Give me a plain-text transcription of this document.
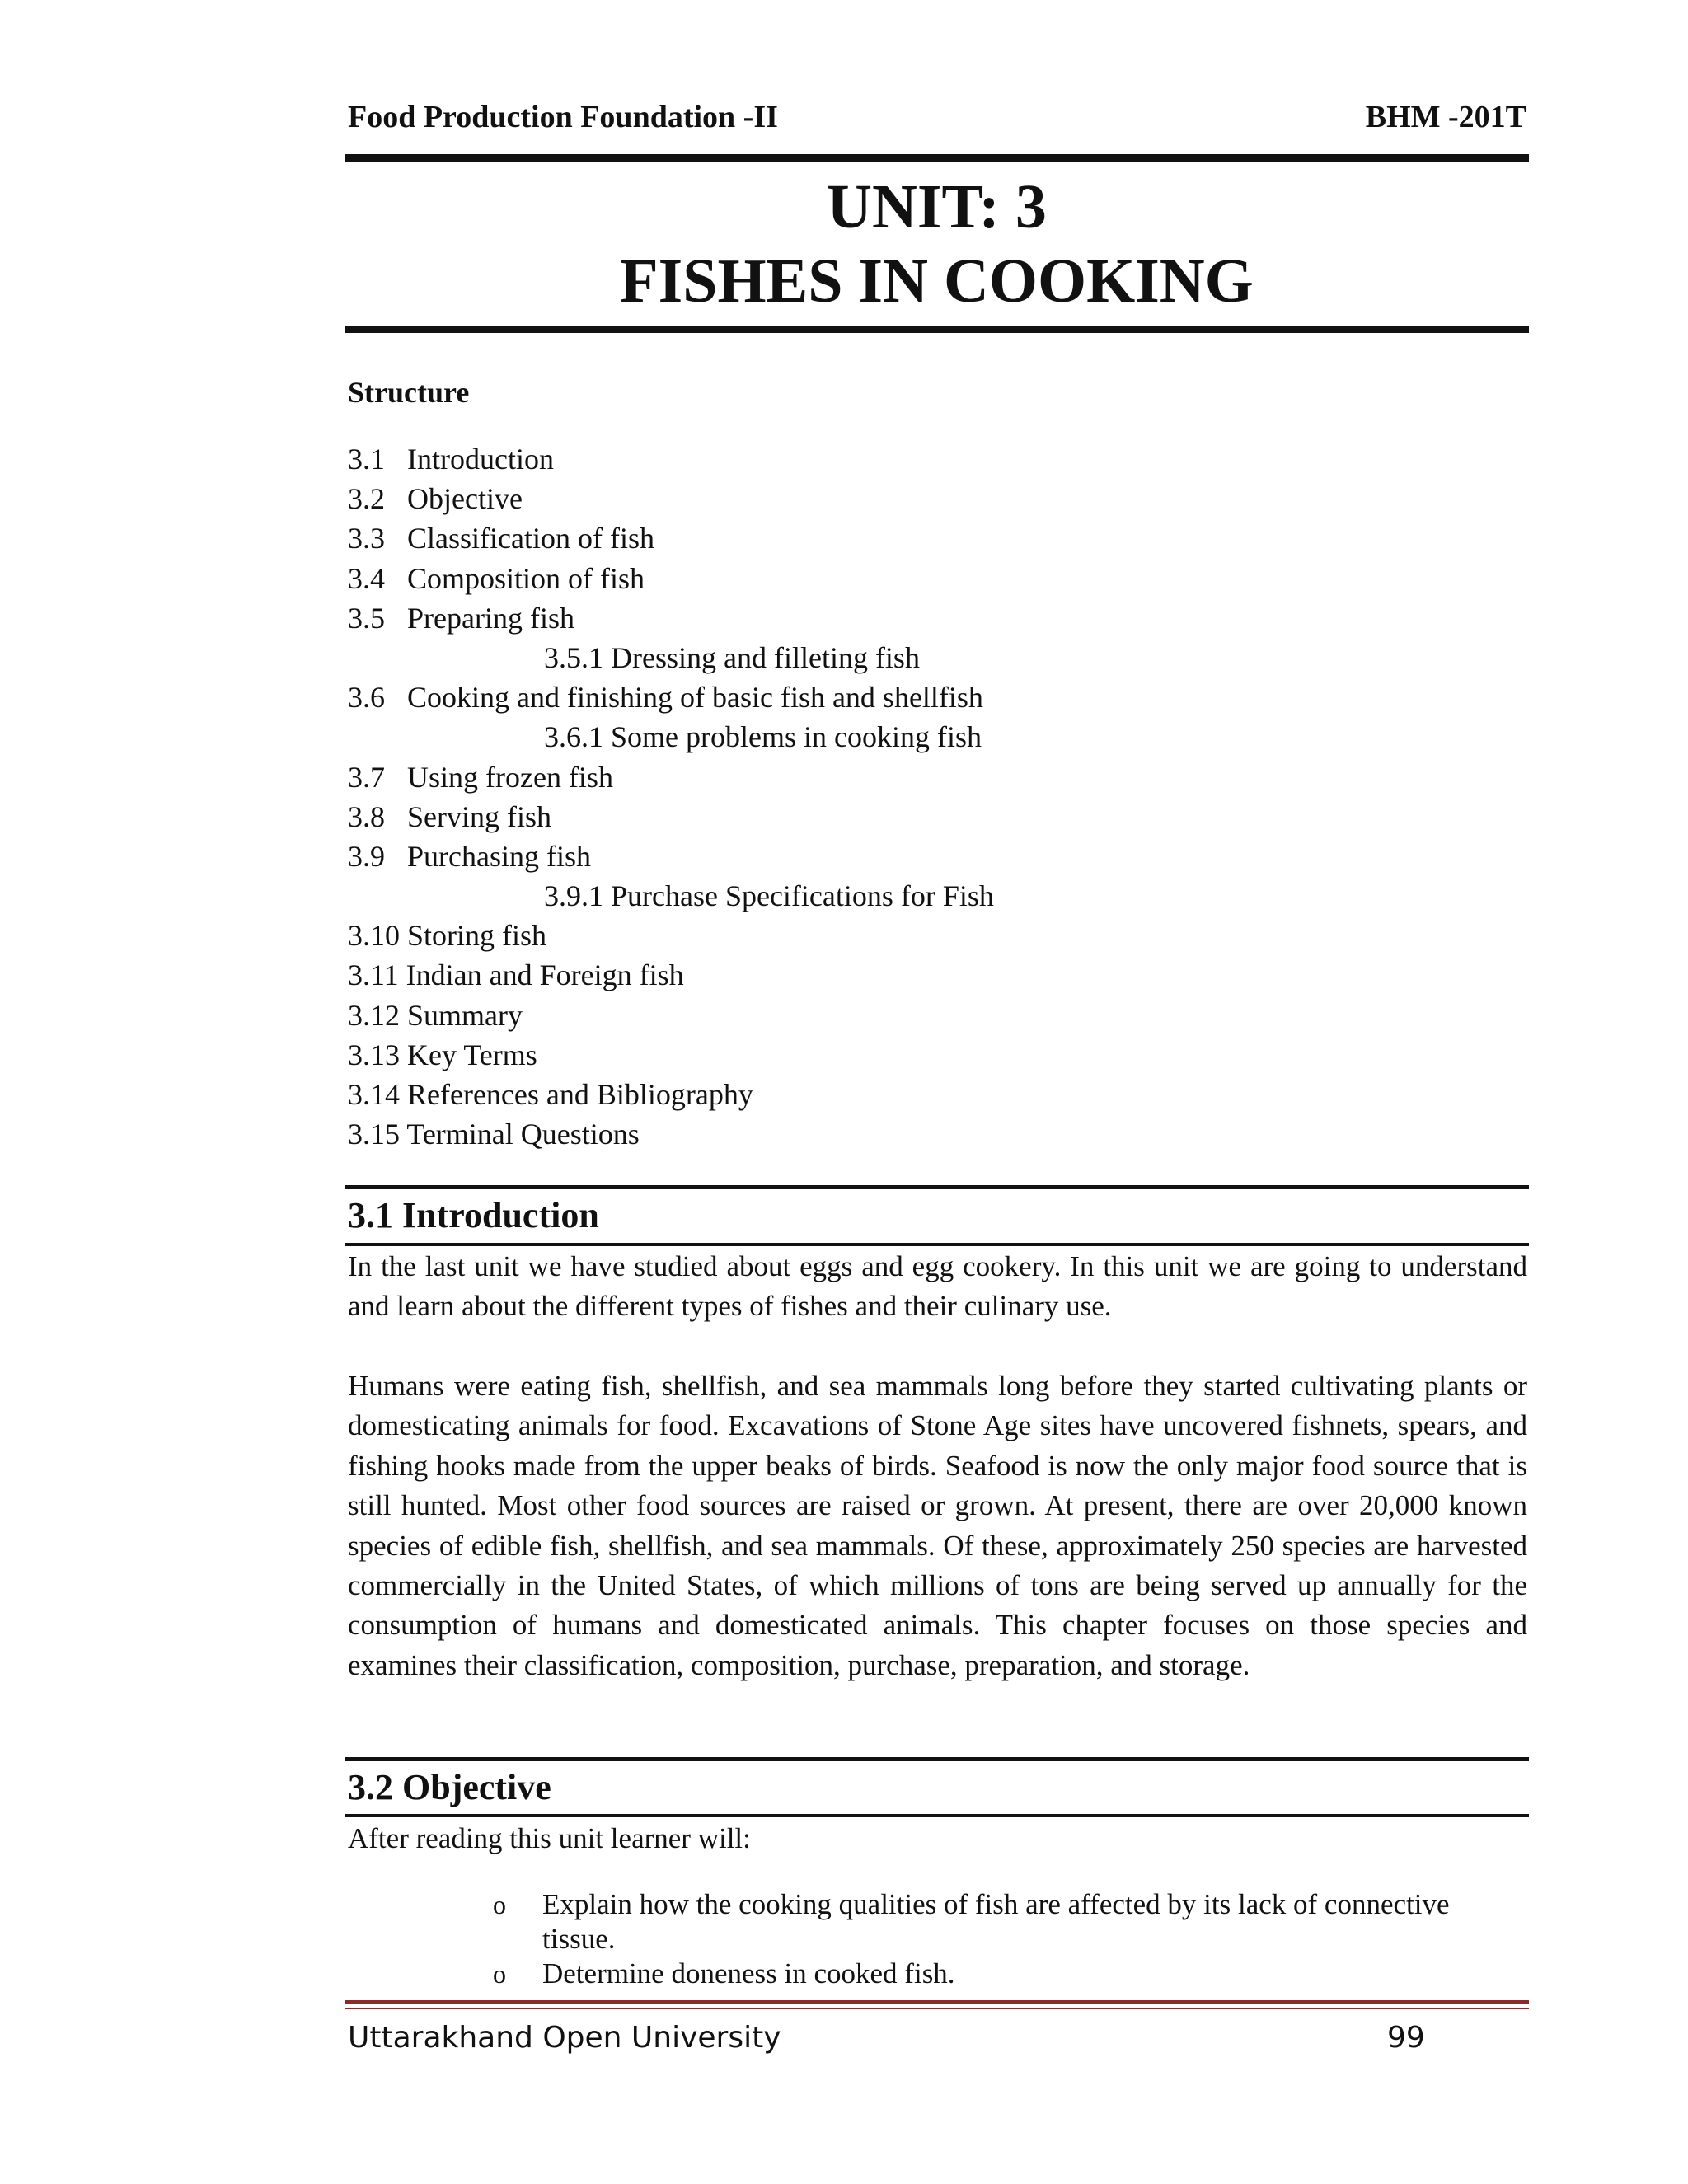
Food Production Foundation -II	BHM -201T
UNIT: 3
FISHES IN COOKING
Structure
3.1 Introduction
3.2 Objective
3.3 Classification of fish
3.4 Composition of fish
3.5 Preparing fish
3.5.1 Dressing and filleting fish
3.6 Cooking and finishing of basic fish and shellfish
3.6.1 Some problems in cooking fish
3.7 Using frozen fish
3.8 Serving fish
3.9 Purchasing fish
3.9.1 Purchase Specifications for Fish
3.10 Storing fish
3.11 Indian and Foreign fish
3.12 Summary
3.13 Key Terms
3.14 References and Bibliography
3.15 Terminal Questions
3.1 Introduction

In the last unit we have studied about eggs and egg cookery. In this unit we are going to understand and learn about the different types of fishes and their culinary use.

Humans were eating fish, shellfish, and sea mammals long before they started cultivating plants or domesticating animals for food. Excavations of Stone Age sites have uncovered fishnets, spears, and fishing hooks made from the upper beaks of birds. Seafood is now the only major food source that is still hunted. Most other food sources are raised or grown. At present, there are over 20,000 known species of edible fish, shellfish, and sea mammals. Of these, approximately 250 species are harvested commercially in the United States, of which millions of tons are being served up annually for the consumption of humans and domesticated animals. This chapter focuses on those species and examines their classification, composition, purchase, preparation, and storage.

3.2 Objective
After reading this unit learner will:
o	Explain how the cooking qualities of fish are affected by its lack of connective tissue.
o	Determine doneness in cooked fish.
Uttarakhand Open University	99
